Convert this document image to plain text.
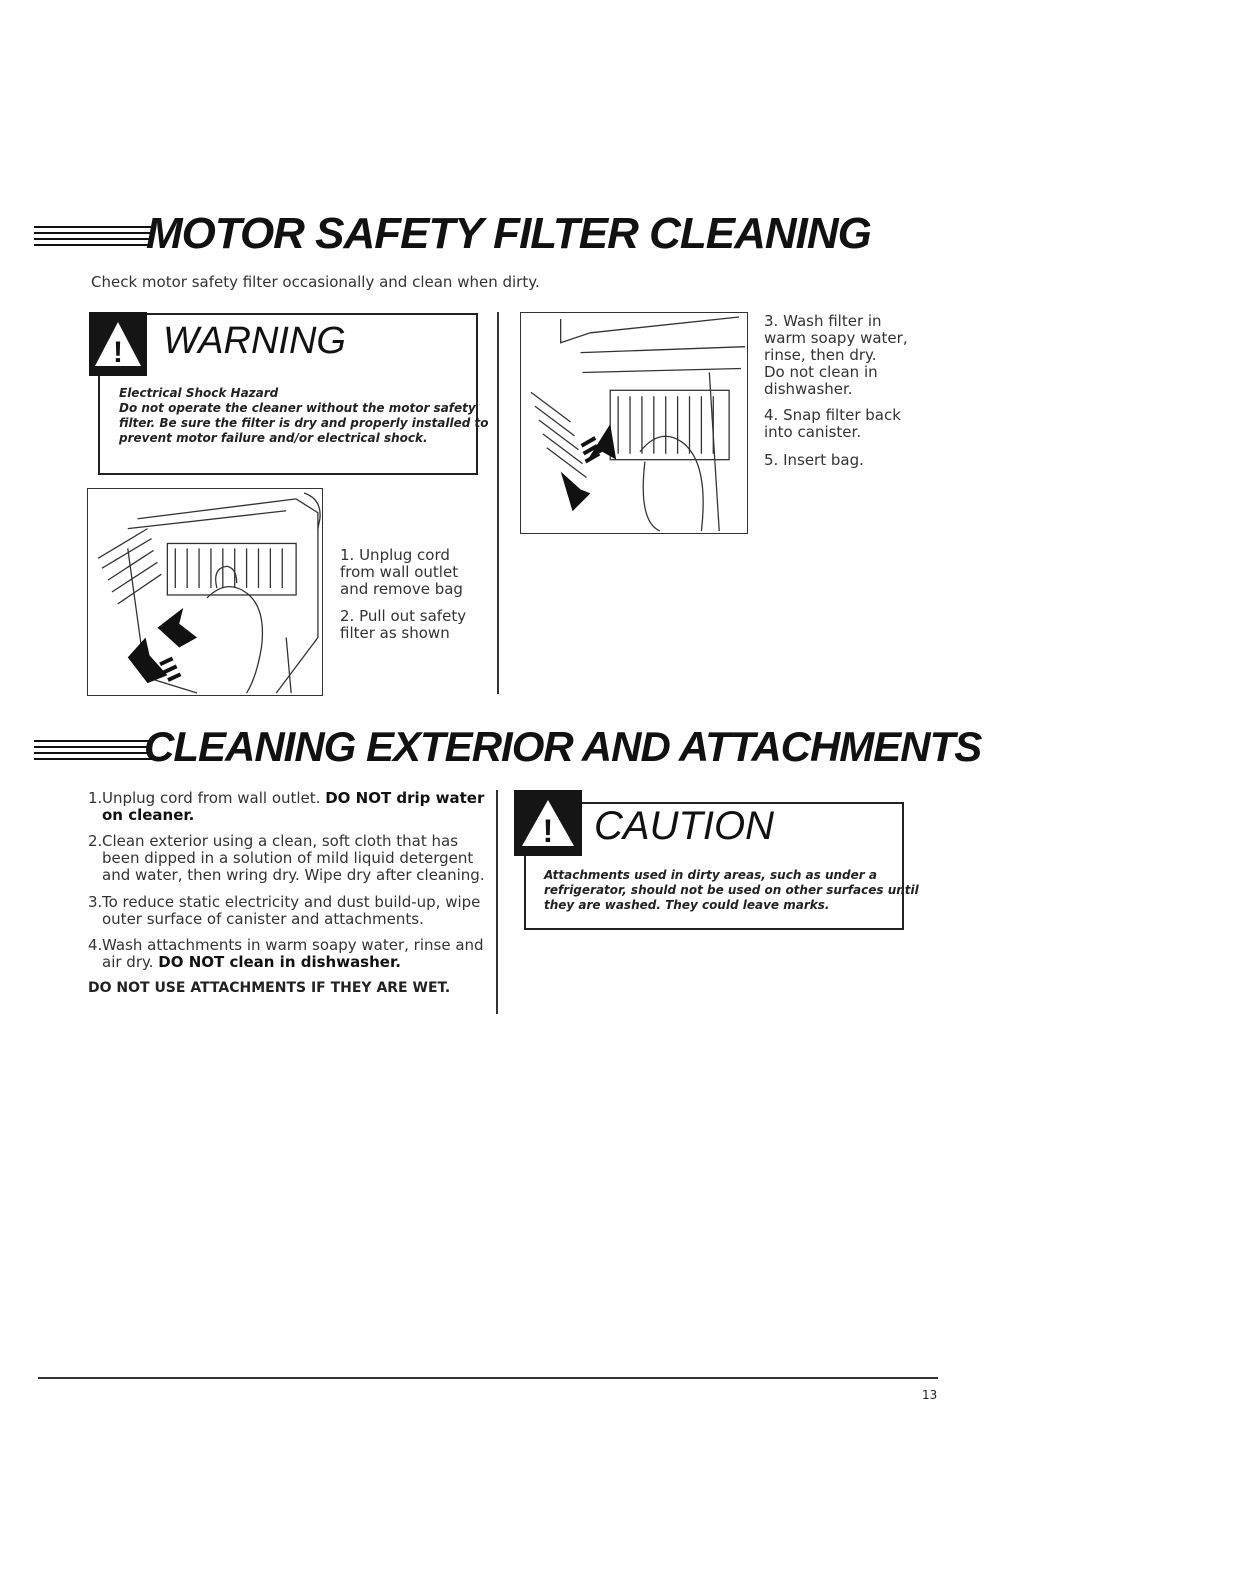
MOTOR SAFETY FILTER CLEANING
Check motor safety filter occasionally and clean when dirty.
! WARNING
Electrical Shock Hazard
Do not operate the cleaner without the motor safety
filter. Be sure the filter is dry and properly installed to
prevent motor failure and/or electrical shock.
1. Unplug cord
from wall outlet
and remove bag
2. Pull out safety
filter as shown
3. Wash filter in
warm soapy water,
rinse, then dry.
Do not clean in
dishwasher.
4. Snap filter back
into canister.
5. Insert bag.
CLEANING EXTERIOR AND ATTACHMENTS
1.Unplug cord from wall outlet. DO NOT drip water
on cleaner.
2.Clean exterior using a clean, soft cloth that has
been dipped in a solution of mild liquid detergent
and water, then wring dry. Wipe dry after cleaning.
3.To reduce static electricity and dust build-up, wipe
outer surface of canister and attachments.
4.Wash attachments in warm soapy water, rinse and
air dry. DO NOT clean in dishwasher.
DO NOT USE ATTACHMENTS IF THEY ARE WET.
! CAUTION
Attachments used in dirty areas, such as under a
refrigerator, should not be used on other surfaces until
they are washed. They could leave marks.
13
